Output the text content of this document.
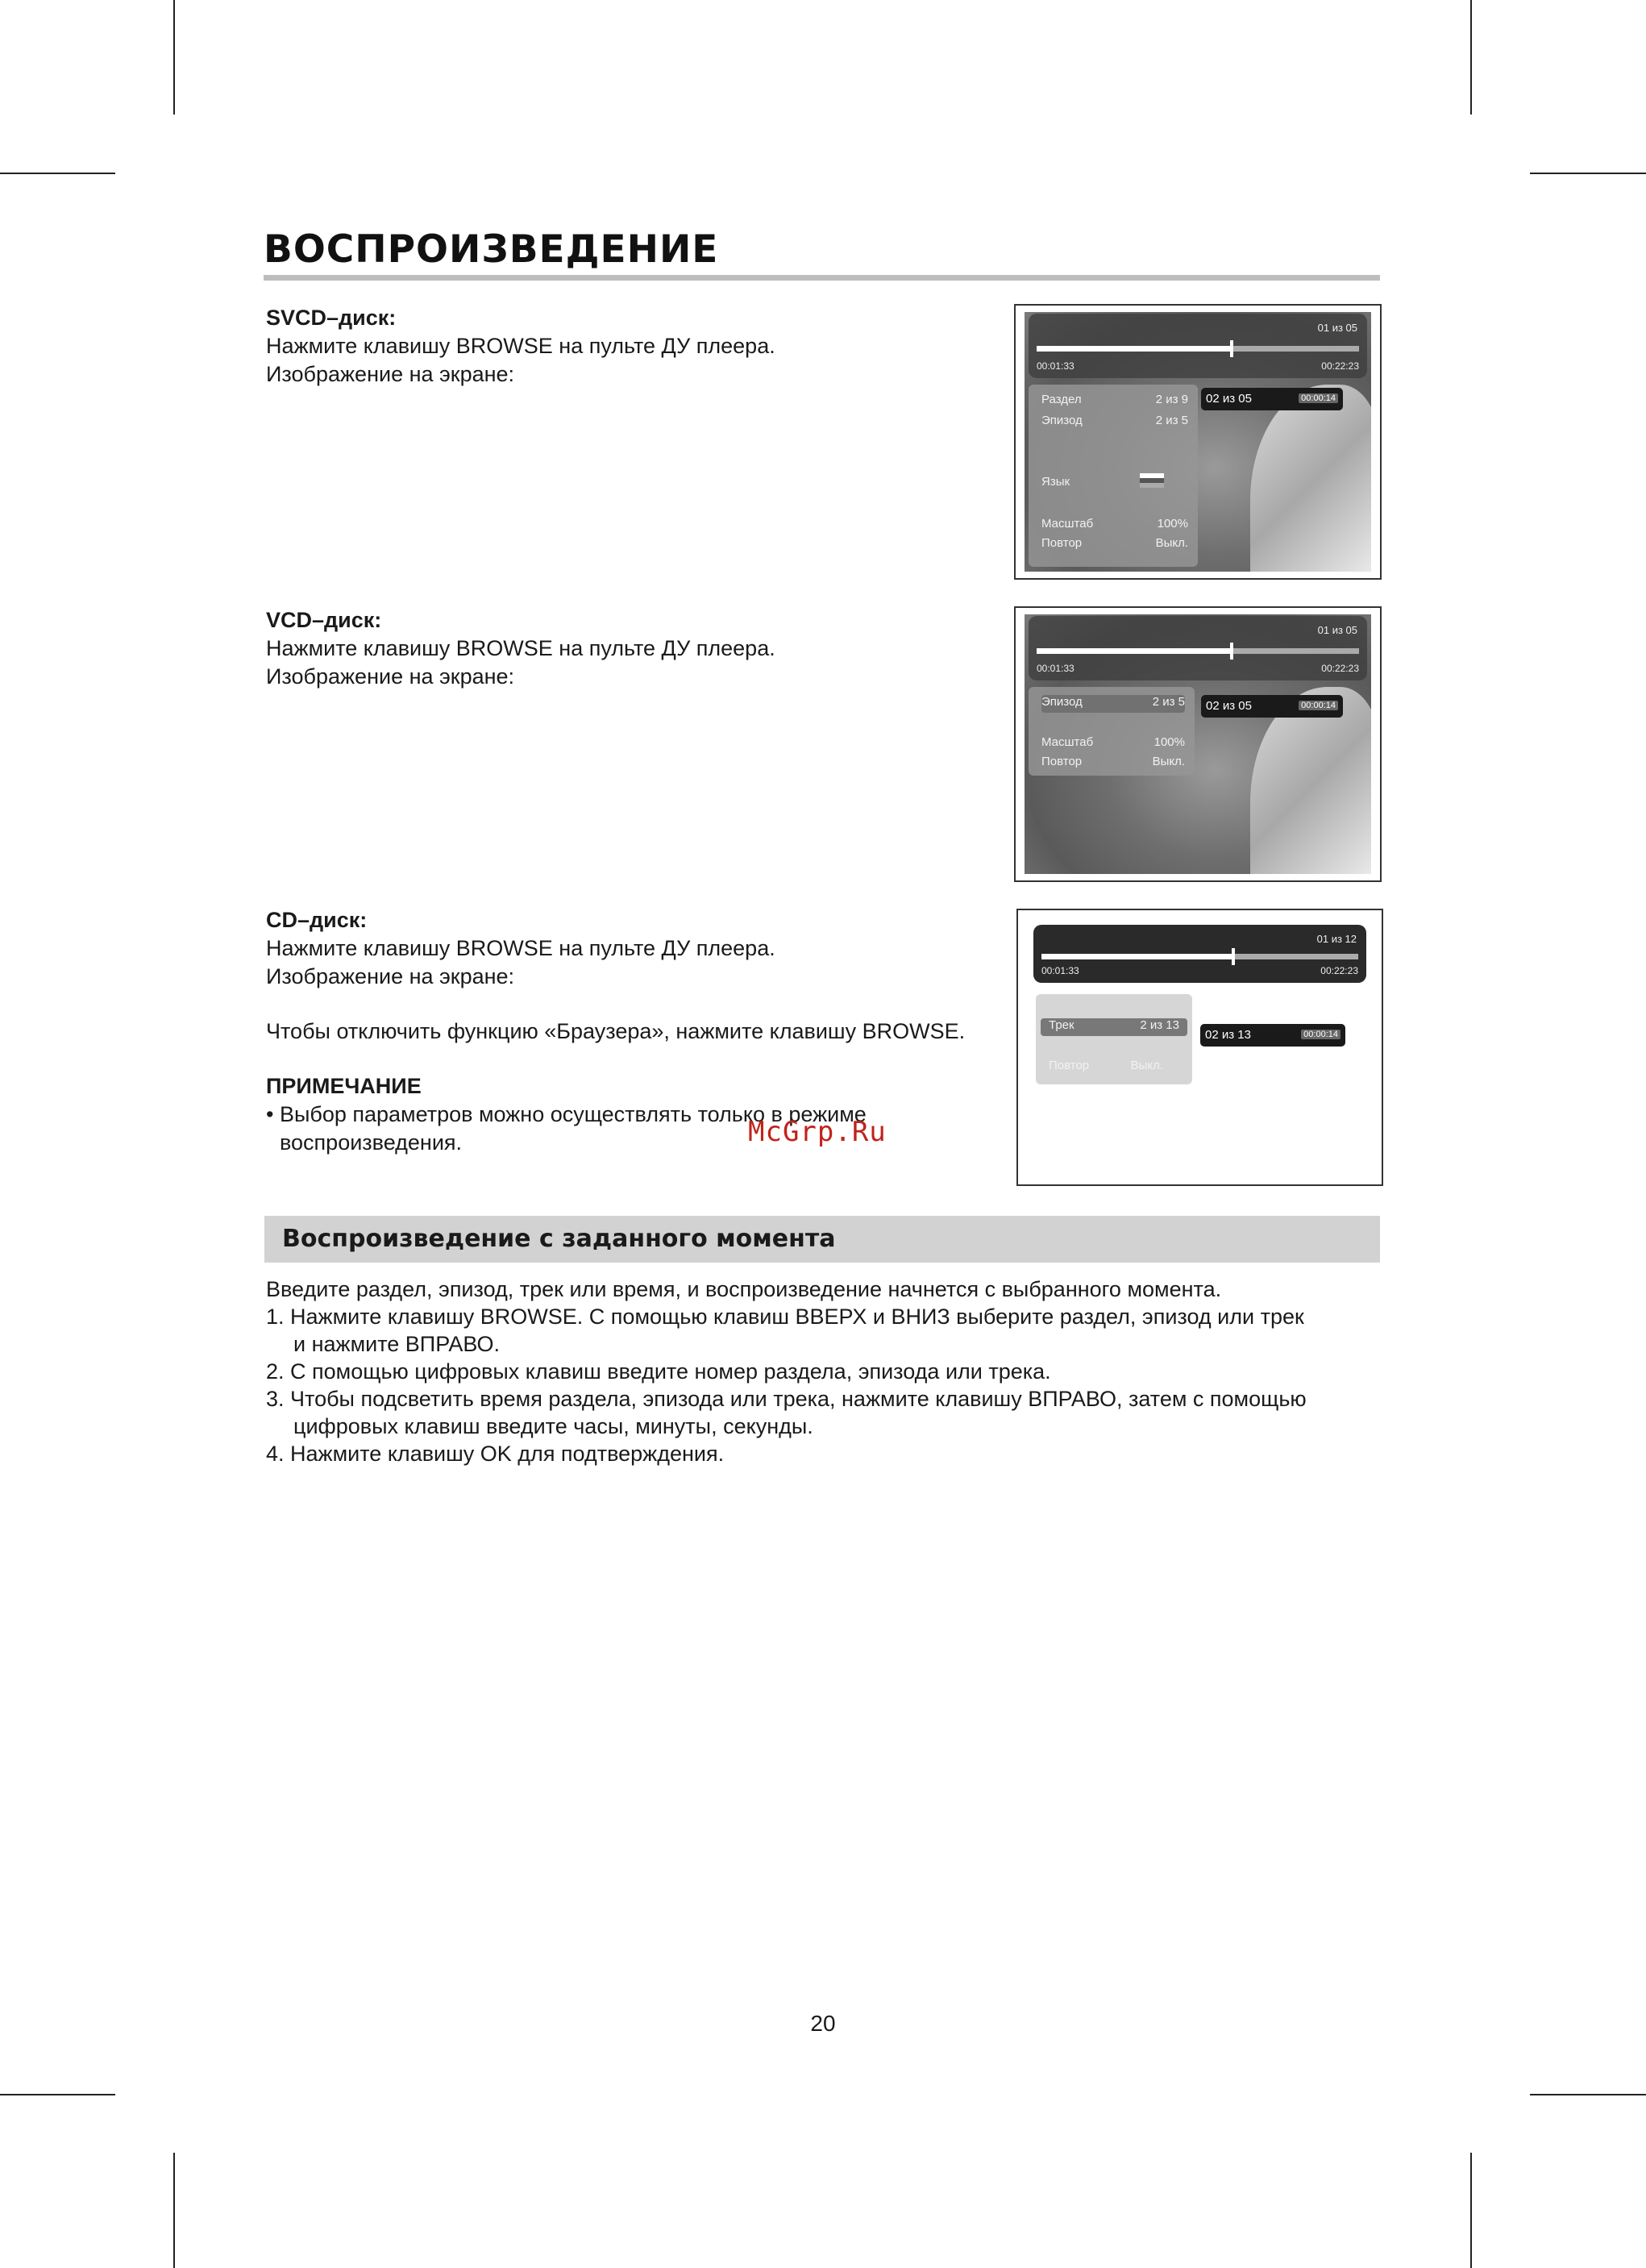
ВОСПРОИЗВЕДЕНИЕ

SVCD–диск:

Нажмите клавишу BROWSE на пульте ДУ плеера.

Изображение на экране:

01 из 05
00:01:33	00:22:23
Раздел	2 из 9
Эпизод	2 из 5
Язык
Масштаб	100%
Повтор	Выкл.
02 из 05	00:00:14

VCD–диск:

Нажмите клавишу BROWSE на пульте ДУ плеера.

Изображение на экране:

01 из 05
00:01:33	00:22:23
Эпизод	2 из 5
Масштаб	100%
Повтор	Выкл.
02 из 05	00:00:14

CD–диск:

Нажмите клавишу BROWSE на пульте ДУ плеера.

Изображение на экране:

Чтобы отключить функцию «Браузера», нажмите клавишу BROWSE.

ПРИМЕЧАНИЕ

• Выбор параметров можно осуществлять только в режиме

воспроизведения.	McGrp.Ru
01 из 12
00:01:33	00:22:23
Трек	2 из 13
Повтор	Выкл.
02 из 13	00:00:14
Воспроизведение с заданного момента

Введите раздел, эпизод, трек или время, и воспроизведение начнется с выбранного момента.

1. Нажмите клавишу BROWSE. С помощью клавиш ВВЕРХ и ВНИЗ выберите раздел, эпизод или трек

и нажмите ВПРАВО.

2. С помощью цифровых клавиш введите номер раздела, эпизода или трека.

3. Чтобы подсветить время раздела, эпизода или трека, нажмите клавишу ВПРАВО, затем с помощью

цифровых клавиш введите часы, минуты, секунды.

4. Нажмите клавишу OK для подтверждения.

20
